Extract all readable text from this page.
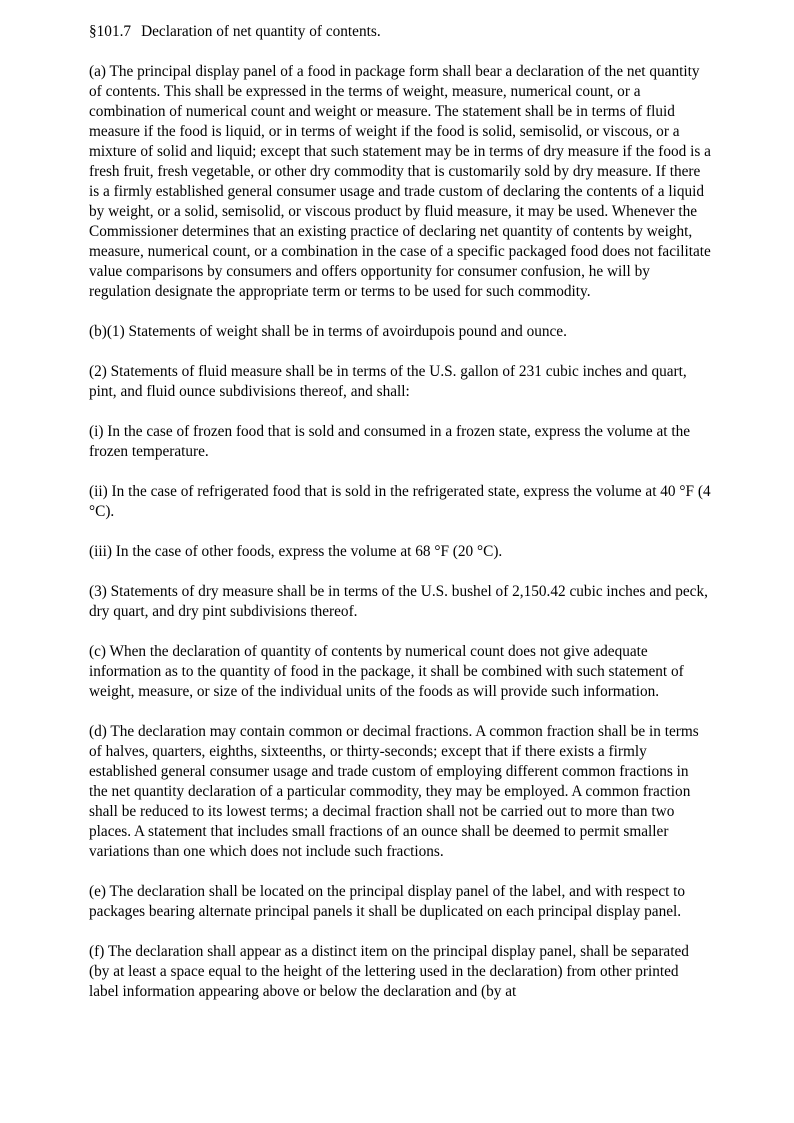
§101.7 Declaration of net quantity of contents.

(a) The principal display panel of a food in package form shall bear a declaration of the net quantity of contents. This shall be expressed in the terms of weight, measure, numerical count, or a combination of numerical count and weight or measure. The statement shall be in terms of fluid measure if the food is liquid, or in terms of weight if the food is solid, semisolid, or viscous, or a mixture of solid and liquid; except that such statement may be in terms of dry measure if the food is a fresh fruit, fresh vegetable, or other dry commodity that is customarily sold by dry measure. If there is a firmly established general consumer usage and trade custom of declaring the contents of a liquid by weight, or a solid, semisolid, or viscous product by fluid measure, it may be used. Whenever the Commissioner determines that an existing practice of declaring net quantity of contents by weight, measure, numerical count, or a combination in the case of a specific packaged food does not facilitate value comparisons by consumers and offers opportunity for consumer confusion, he will by regulation designate the appropriate term or terms to be used for such commodity.

(b)(1) Statements of weight shall be in terms of avoirdupois pound and ounce.

(2) Statements of fluid measure shall be in terms of the U.S. gallon of 231 cubic inches and quart, pint, and fluid ounce subdivisions thereof, and shall:

(i) In the case of frozen food that is sold and consumed in a frozen state, express the volume at the frozen temperature.

(ii) In the case of refrigerated food that is sold in the refrigerated state, express the volume at 40 °F (4 °C).

(iii) In the case of other foods, express the volume at 68 °F (20 °C).

(3) Statements of dry measure shall be in terms of the U.S. bushel of 2,150.42 cubic inches and peck, dry quart, and dry pint subdivisions thereof.

(c) When the declaration of quantity of contents by numerical count does not give adequate information as to the quantity of food in the package, it shall be combined with such statement of weight, measure, or size of the individual units of the foods as will provide such information.

(d) The declaration may contain common or decimal fractions. A common fraction shall be in terms of halves, quarters, eighths, sixteenths, or thirty-seconds; except that if there exists a firmly established general consumer usage and trade custom of employing different common fractions in the net quantity declaration of a particular commodity, they may be employed. A common fraction shall be reduced to its lowest terms; a decimal fraction shall not be carried out to more than two places. A statement that includes small fractions of an ounce shall be deemed to permit smaller variations than one which does not include such fractions.

(e) The declaration shall be located on the principal display panel of the label, and with respect to packages bearing alternate principal panels it shall be duplicated on each principal display panel.

(f) The declaration shall appear as a distinct item on the principal display panel, shall be separated (by at least a space equal to the height of the lettering used in the declaration) from other printed label information appearing above or below the declaration and (by at
